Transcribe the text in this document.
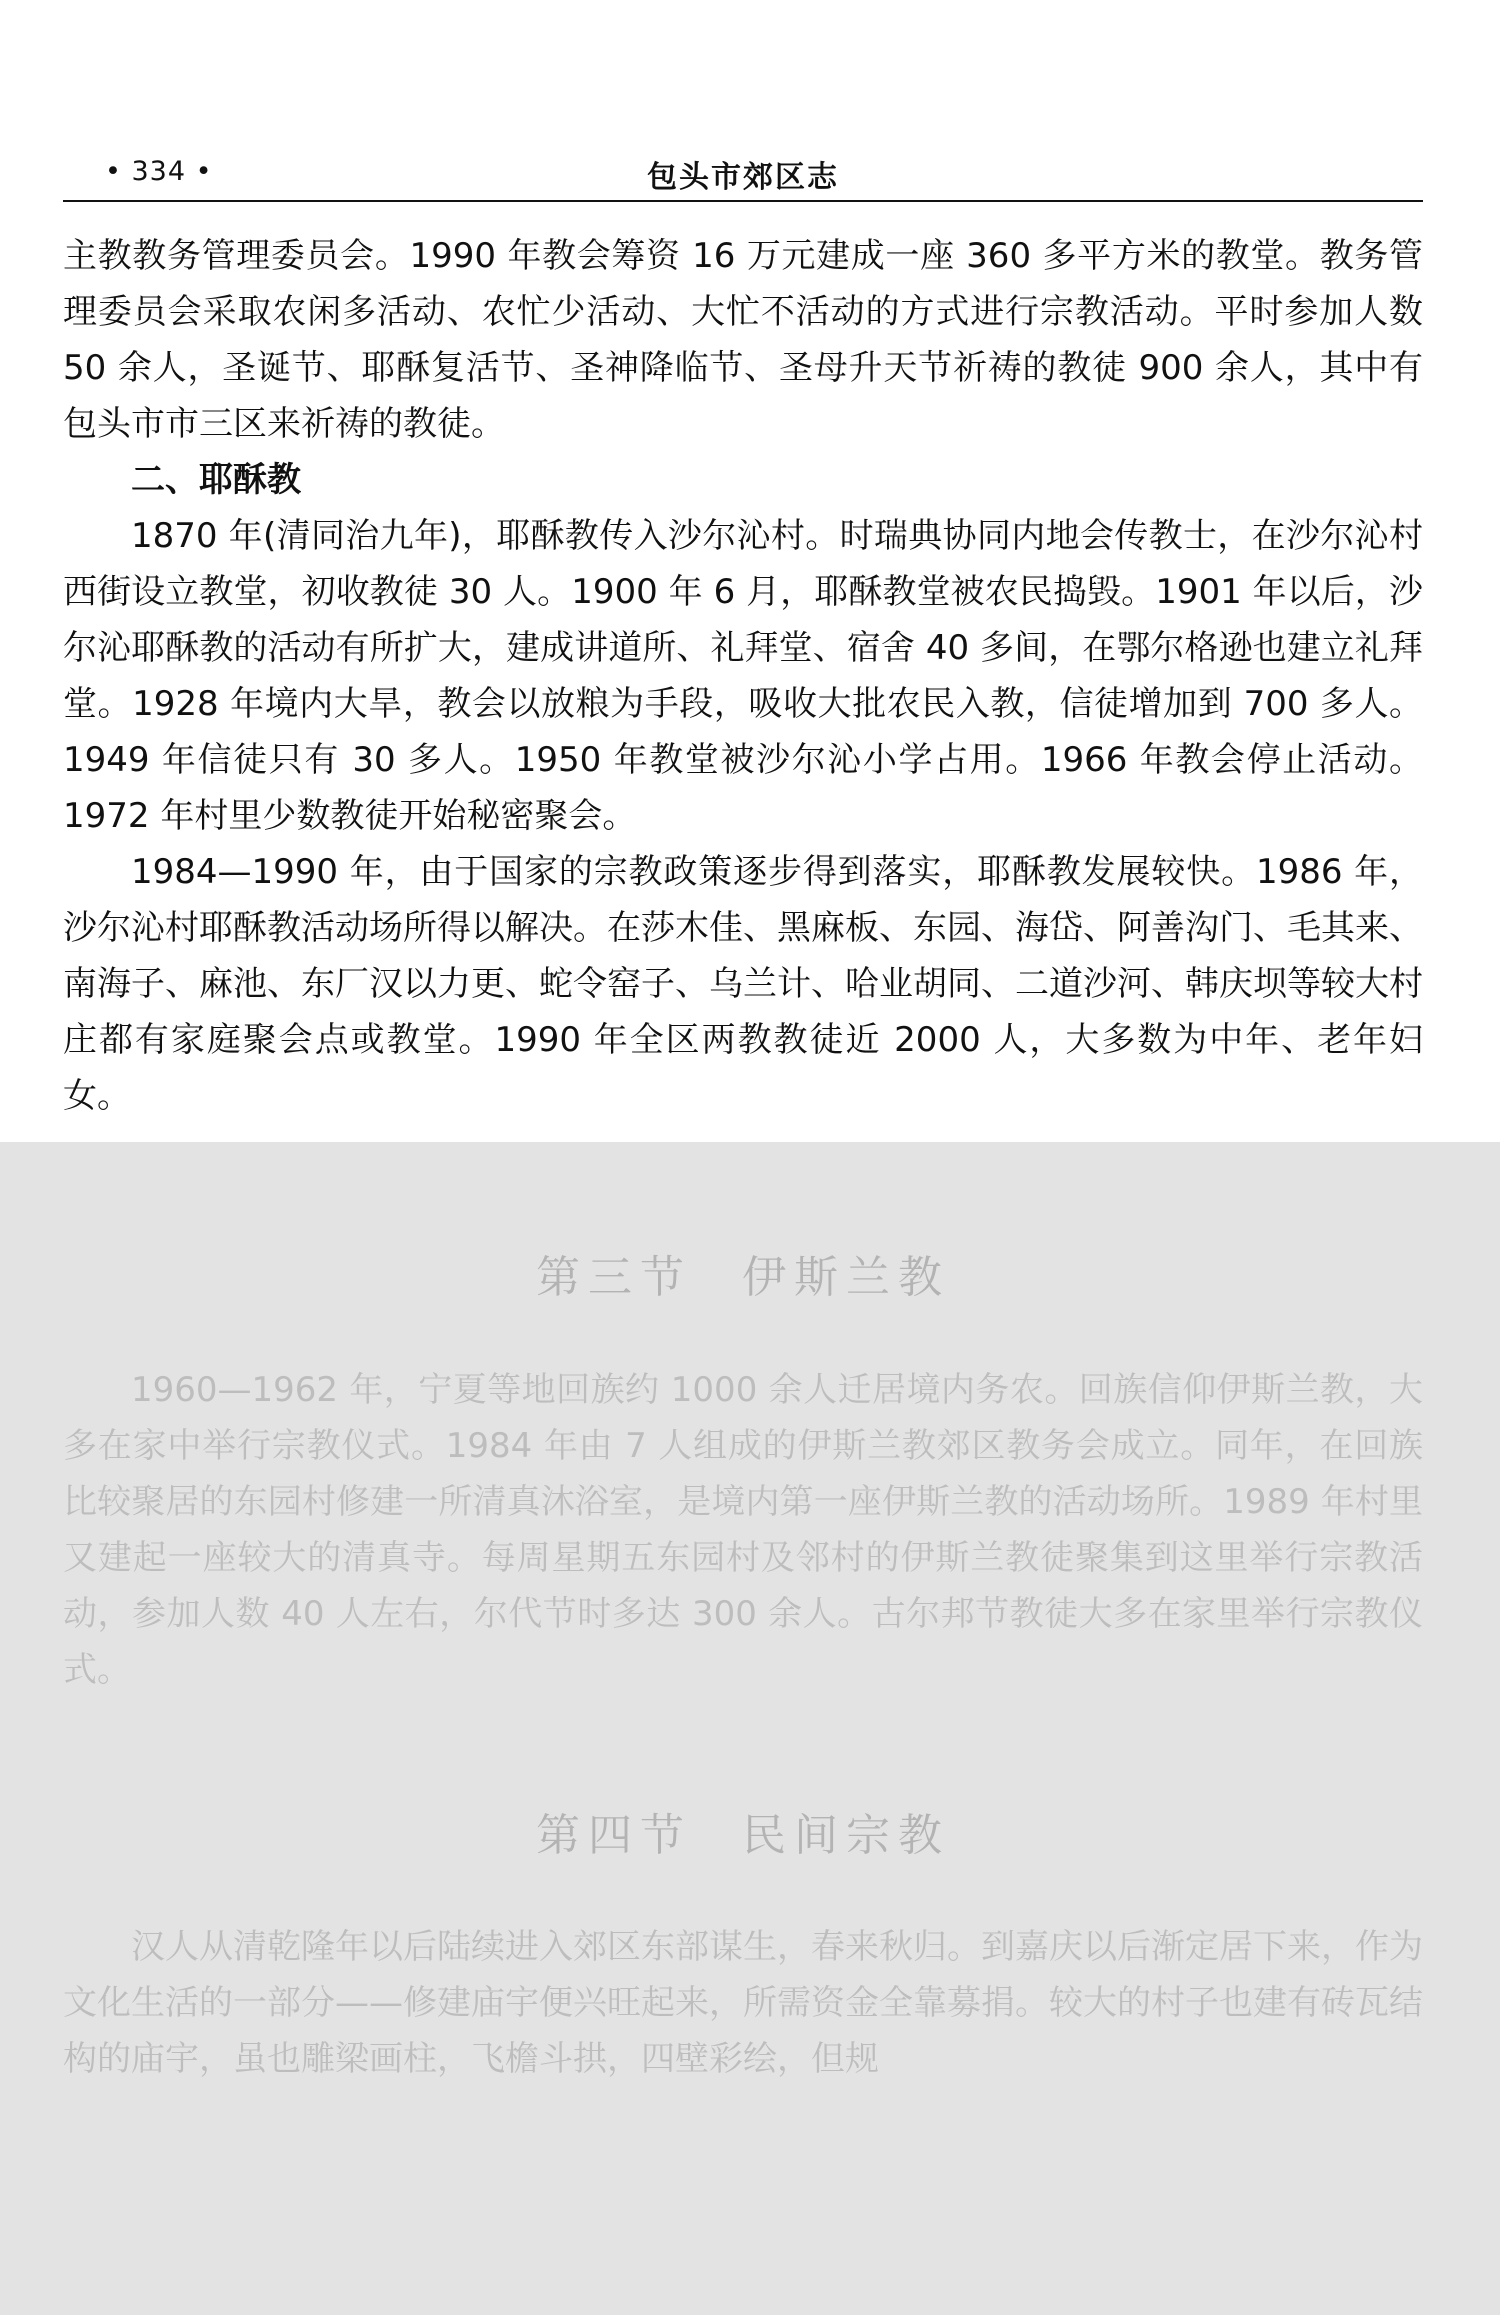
• 334 •	包头市郊区志

主教教务管理委员会。1990 年教会筹资 16 万元建成一座 360 多平方米的教堂。教务管理委员会采取农闲多活动、农忙少活动、大忙不活动的方式进行宗教活动。平时参加人数 50 余人，圣诞节、耶酥复活节、圣神降临节、圣母升天节祈祷的教徒 900 余人，其中有包头市市三区来祈祷的教徒。

二、耶酥教

1870 年(清同治九年)，耶酥教传入沙尔沁村。时瑞典协同内地会传教士，在沙尔沁村西街设立教堂，初收教徒 30 人。1900 年 6 月，耶酥教堂被农民捣毁。1901 年以后，沙尔沁耶酥教的活动有所扩大，建成讲道所、礼拜堂、宿舍 40 多间，在鄂尔格逊也建立礼拜堂。1928 年境内大旱，教会以放粮为手段，吸收大批农民入教，信徒增加到 700 多人。1949 年信徒只有 30 多人。1950 年教堂被沙尔沁小学占用。1966 年教会停止活动。1972 年村里少数教徒开始秘密聚会。

1984—1990 年，由于国家的宗教政策逐步得到落实，耶酥教发展较快。1986 年，沙尔沁村耶酥教活动场所得以解决。在莎木佳、黑麻板、东园、海岱、阿善沟门、毛其来、南海子、麻池、东厂汉以力更、蛇令窑子、乌兰计、哈业胡同、二道沙河、韩庆坝等较大村庄都有家庭聚会点或教堂。1990 年全区两教教徒近 2000 人，大多数为中年、老年妇女。

第三节 伊斯兰教

1960—1962 年，宁夏等地回族约 1000 余人迁居境内务农。回族信仰伊斯兰教，大多在家中举行宗教仪式。1984 年由 7 人组成的伊斯兰教郊区教务会成立。同年，在回族比较聚居的东园村修建一所清真沐浴室，是境内第一座伊斯兰教的活动场所。1989 年村里又建起一座较大的清真寺。每周星期五东园村及邻村的伊斯兰教徒聚集到这里举行宗教活动，参加人数 40 人左右，尔代节时多达 300 余人。古尔邦节教徒大多在家里举行宗教仪式。

第四节 民间宗教

汉人从清乾隆年以后陆续进入郊区东部谋生，春来秋归。到嘉庆以后渐定居下来，作为文化生活的一部分——修建庙宇便兴旺起来，所需资金全靠募捐。较大的村子也建有砖瓦结构的庙宇，虽也雕梁画柱，飞檐斗拱，四壁彩绘，但规
